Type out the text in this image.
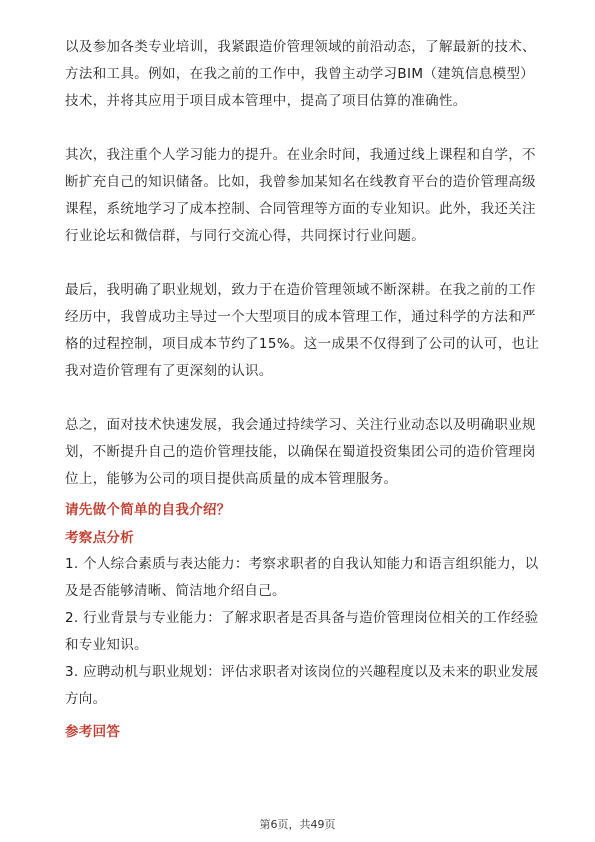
以及参加各类专业培训，我紧跟造价管理领域的前沿动态，了解最新的技术、方法和工具。例如，在我之前的工作中，我曾主动学习BIM（建筑信息模型）技术，并将其应用于项目成本管理中，提高了项目估算的准确性。

其次，我注重个人学习能力的提升。在业余时间，我通过线上课程和自学，不断扩充自己的知识储备。比如，我曾参加某知名在线教育平台的造价管理高级课程，系统地学习了成本控制、合同管理等方面的专业知识。此外，我还关注行业论坛和微信群，与同行交流心得，共同探讨行业问题。

最后，我明确了职业规划，致力于在造价管理领域不断深耕。在我之前的工作经历中，我曾成功主导过一个大型项目的成本管理工作，通过科学的方法和严格的过程控制，项目成本节约了15%。这一成果不仅得到了公司的认可，也让我对造价管理有了更深刻的认识。

总之，面对技术快速发展，我会通过持续学习、关注行业动态以及明确职业规划，不断提升自己的造价管理技能，以确保在蜀道投资集团公司的造价管理岗位上，能够为公司的项目提供高质量的成本管理服务。

请先做个简单的自我介绍？
考察点分析

1. 个人综合素质与表达能力：考察求职者的自我认知能力和语言组织能力，以及是否能够清晰、简洁地介绍自己。

2. 行业背景与专业能力：了解求职者是否具备与造价管理岗位相关的工作经验和专业知识。

3. 应聘动机与职业规划：评估求职者对该岗位的兴趣程度以及未来的职业发展方向。

参考回答
第6页，共49页
